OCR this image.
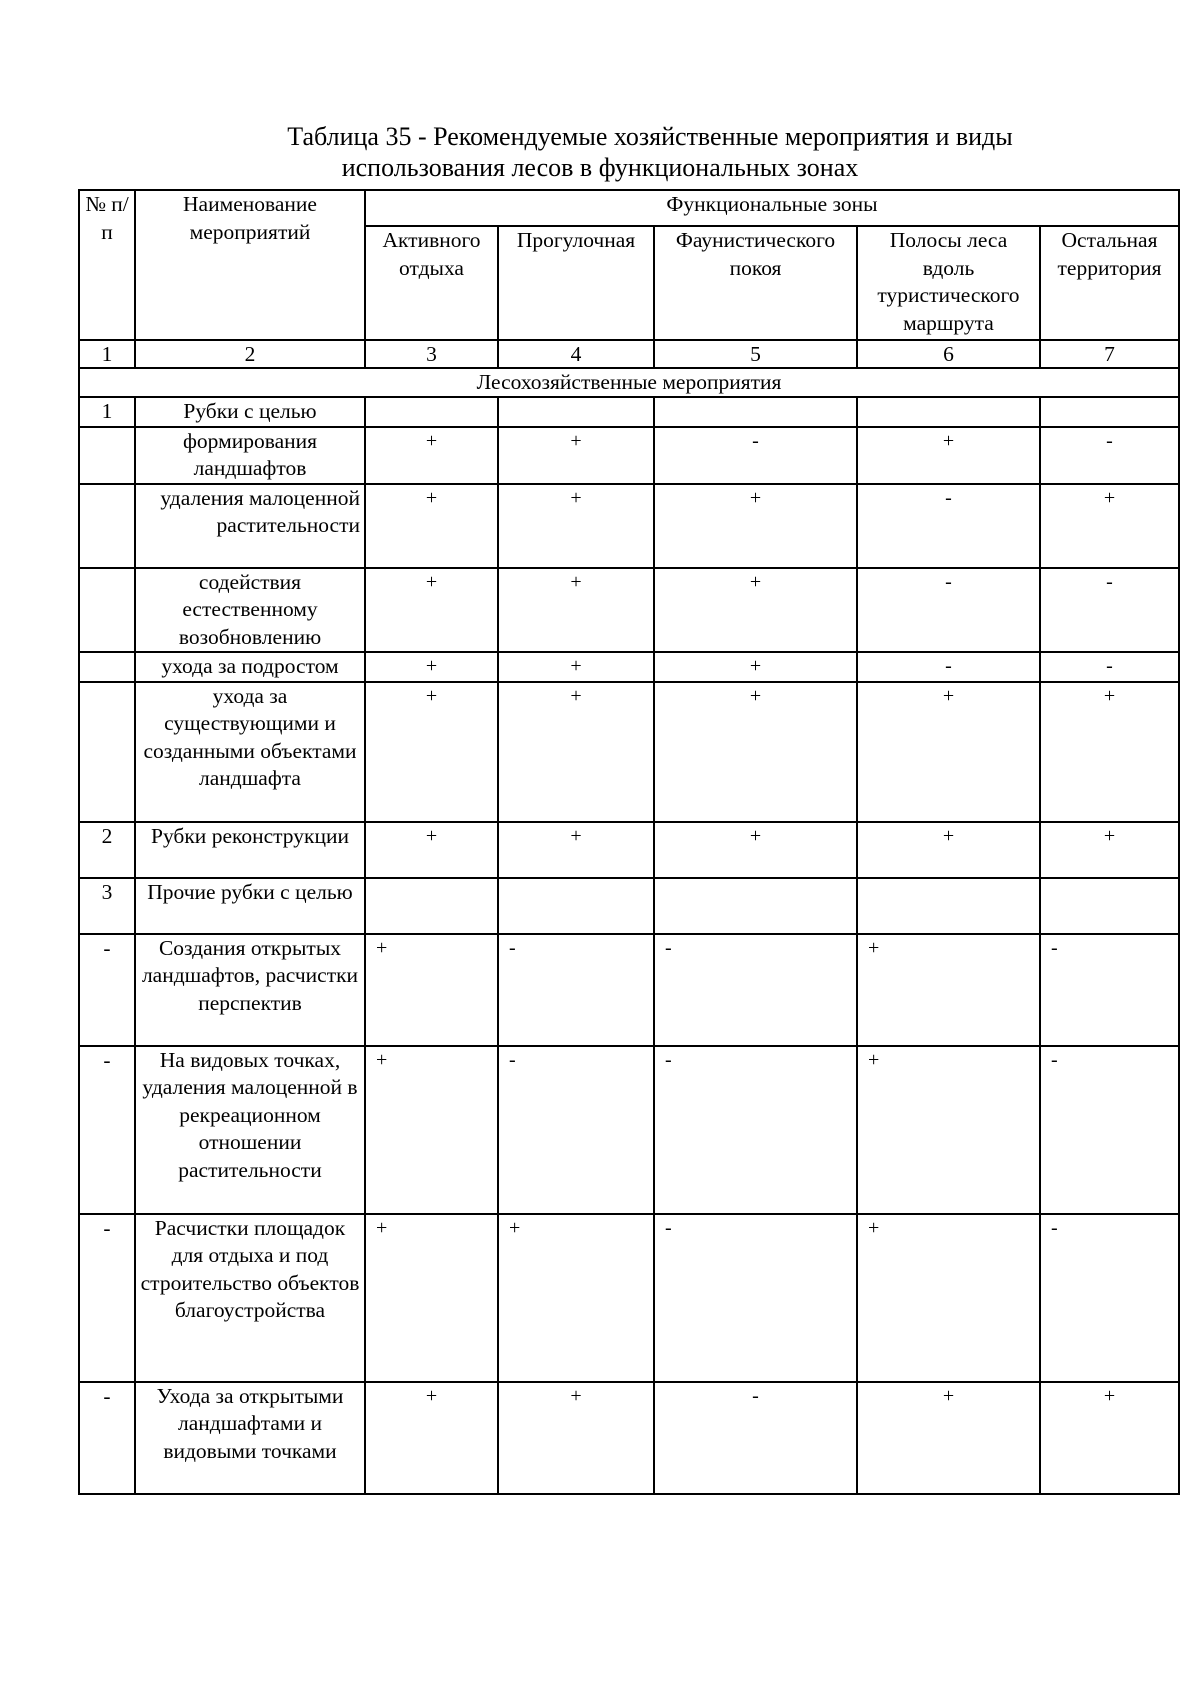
Таблица 35 - Рекомендуемые хозяйственные мероприятия и виды

использования лесов в функциональных зонах
№ п/п	Наименование мероприятий	Функциональные зоны				
		Активного отдыха	Прогулочная	Фаунистического покоя	Полосы леса вдоль туристического маршрута	Остальная территория
1	2	3	4	5	6	7
Лесохозяйственные мероприятия						
1	Рубки с целью					
	формирования ландшафтов	+	+	-	+	-
	удаления малоценной растительности	+	+	+	-	+
	содействия естественному возобновлению	+	+	+	-	-
	ухода за подростом	+	+	+	-	-
	ухода за существующими и созданными объектами ландшафта	+	+	+	+	+
2	Рубки реконструкции	+	+	+	+	+
3	Прочие рубки с целью					
-	Создания открытых ландшафтов, расчистки перспектив	+	-	-	+	-
-	На видовых точках, удаления малоценной в рекреационном отношении растительности	+	-	-	+	-
-	Расчистки площадок для отдыха и под строительство объектов благоустройства	+	+	-	+	-
-	Ухода за открытыми ландшафтами и видовыми точками	+	+	-	+	+
